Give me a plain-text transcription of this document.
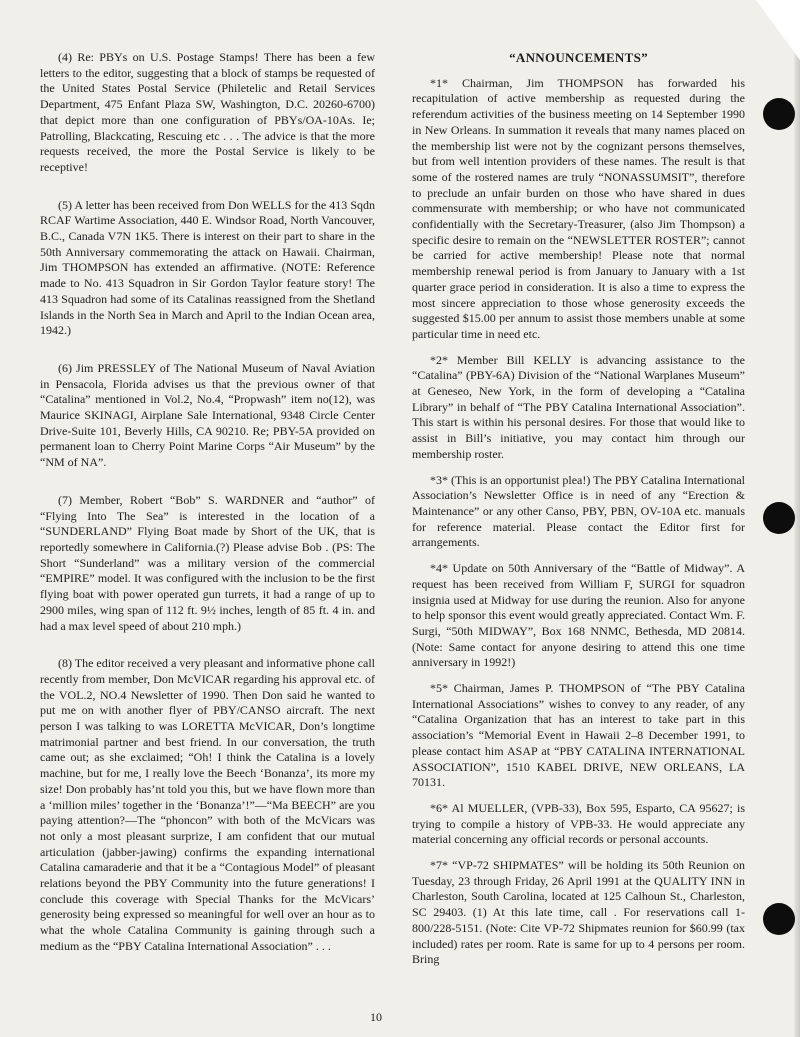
(4) Re: PBYs on U.S. Postage Stamps! There has been a few letters to the editor, suggesting that a block of stamps be requested of the United States Postal Service (Philetelic and Retail Services Department, 475 Enfant Plaza SW, Washington, D.C. 20260-6700) that depict more than one configuration of PBYs/OA-10As. Ie; Patrolling, Blackcating, Rescuing etc . . . The advice is that the more requests received, the more the Postal Service is likely to be receptive!

(5) A letter has been received from Don WELLS for the 413 Sqdn RCAF Wartime Association, 440 E. Windsor Road, North Vancouver, B.C., Canada V7N 1K5. There is interest on their part to share in the 50th Anniversary commemorating the attack on Hawaii. Chairman, Jim THOMPSON has extended an affirmative. (NOTE: Reference made to No. 413 Squadron in Sir Gordon Taylor feature story! The 413 Squadron had some of its Catalinas reassigned from the Shetland Islands in the North Sea in March and April to the Indian Ocean area, 1942.)

(6) Jim PRESSLEY of The National Museum of Naval Aviation in Pensacola, Florida advises us that the previous owner of that “Catalina” mentioned in Vol.2, No.4, “Propwash” item no(12), was Maurice SKINAGI, Airplane Sale International, 9348 Circle Center Drive-Suite 101, Beverly Hills, CA 90210. Re; PBY-5A provided on permanent loan to Cherry Point Marine Corps “Air Museum” by the “NM of NA”.

(7) Member, Robert “Bob” S. WARDNER and “author” of “Flying Into The Sea” is interested in the location of a “SUNDERLAND” Flying Boat made by Short of the UK, that is reportedly somewhere in California.(?) Please advise Bob . (PS: The Short “Sunderland” was a military version of the commercial “EMPIRE” model. It was configured with the inclusion to be the first flying boat with power operated gun turrets, it had a range of up to 2900 miles, wing span of 112 ft. 9½ inches, length of 85 ft. 4 in. and had a max level speed of about 210 mph.)

(8) The editor received a very pleasant and informative phone call recently from member, Don McVICAR regarding his approval etc. of the VOL.2, NO.4 Newsletter of 1990. Then Don said he wanted to put me on with another flyer of PBY/CANSO aircraft. The next person I was talking to was LORETTA McVICAR, Don’s longtime matrimonial partner and best friend. In our conversation, the truth came out; as she exclaimed; “Oh! I think the Catalina is a lovely machine, but for me, I really love the Beech ‘Bonanza’, its more my size! Don probably has’nt told you this, but we have flown more than a ‘million miles’ together in the ‘Bonanza’!”—“Ma BEECH” are you paying attention?—The “phoncon” with both of the McVicars was not only a most pleasant surprize, I am confident that our mutual articulation (jabber-jawing) confirms the expanding international Catalina camaraderie and that it be a “Contagious Model” of pleasant relations beyond the PBY Community into the future generations! I conclude this coverage with Special Thanks for the McVicars’ generosity being expressed so meaningful for well over an hour as to what the whole Catalina Community is gaining through such a medium as the “PBY Catalina International Association” . . .

“ANNOUNCEMENTS”

*1* Chairman, Jim THOMPSON has forwarded his recapitulation of active membership as requested during the referendum activities of the business meeting on 14 September 1990 in New Orleans. In summation it reveals that many names placed on the membership list were not by the cognizant persons themselves, but from well intention providers of these names. The result is that some of the rostered names are truly “NONASSUMSIT”, therefore to preclude an unfair burden on those who have shared in dues commensurate with membership; or who have not communicated confidentially with the Secretary-Treasurer, (also Jim Thompson) a specific desire to remain on the “NEWSLETTER ROSTER”; cannot be carried for active membership! Please note that normal membership renewal period is from January to January with a 1st quarter grace period in consideration. It is also a time to express the most sincere appreciation to those whose generosity exceeds the suggested $15.00 per annum to assist those members unable at some particular time in need etc.

*2* Member Bill KELLY is advancing assistance to the “Catalina” (PBY-6A) Division of the “National Warplanes Museum” at Geneseo, New York, in the form of developing a “Catalina Library” in behalf of “The PBY Catalina International Association”. This start is within his personal desires. For those that would like to assist in Bill’s initiative, you may contact him through our membership roster.

*3* (This is an opportunist plea!) The PBY Catalina International Association’s Newsletter Office is in need of any “Erection & Maintenance” or any other Canso, PBY, PBN, OV-10A etc. manuals for reference material. Please contact the Editor first for arrangements.

*4* Update on 50th Anniversary of the “Battle of Midway”. A request has been received from William F, SURGI for squadron insignia used at Midway for use during the reunion. Also for anyone to help sponsor this event would greatly appreciated. Contact Wm. F. Surgi, “50th MIDWAY”, Box 168 NNMC, Bethesda, MD 20814. (Note: Same contact for anyone desiring to attend this one time anniversary in 1992!)

*5* Chairman, James P. THOMPSON of “The PBY Catalina International Associations” wishes to convey to any reader, of any “Catalina Organization that has an interest to take part in this association’s “Memorial Event in Hawaii 2–8 December 1991, to please contact him ASAP at “PBY CATALINA INTERNATIONAL ASSOCIATION”, 1510 KABEL DRIVE, NEW ORLEANS, LA 70131.

*6* Al MUELLER, (VPB-33), Box 595, Esparto, CA 95627; is trying to compile a history of VPB-33. He would appreciate any material concerning any official records or personal accounts.

*7* “VP-72 SHIPMATES” will be holding its 50th Reunion on Tuesday, 23 through Friday, 26 April 1991 at the QUALITY INN in Charleston, South Carolina, located at 125 Calhoun St., Charleston, SC 29403. (1) At this late time, call . For reservations call 1-800/228-5151. (Note: Cite VP-72 Shipmates reunion for $60.99 (tax included) rates per room. Rate is same for up to 4 persons per room. Bring

10
